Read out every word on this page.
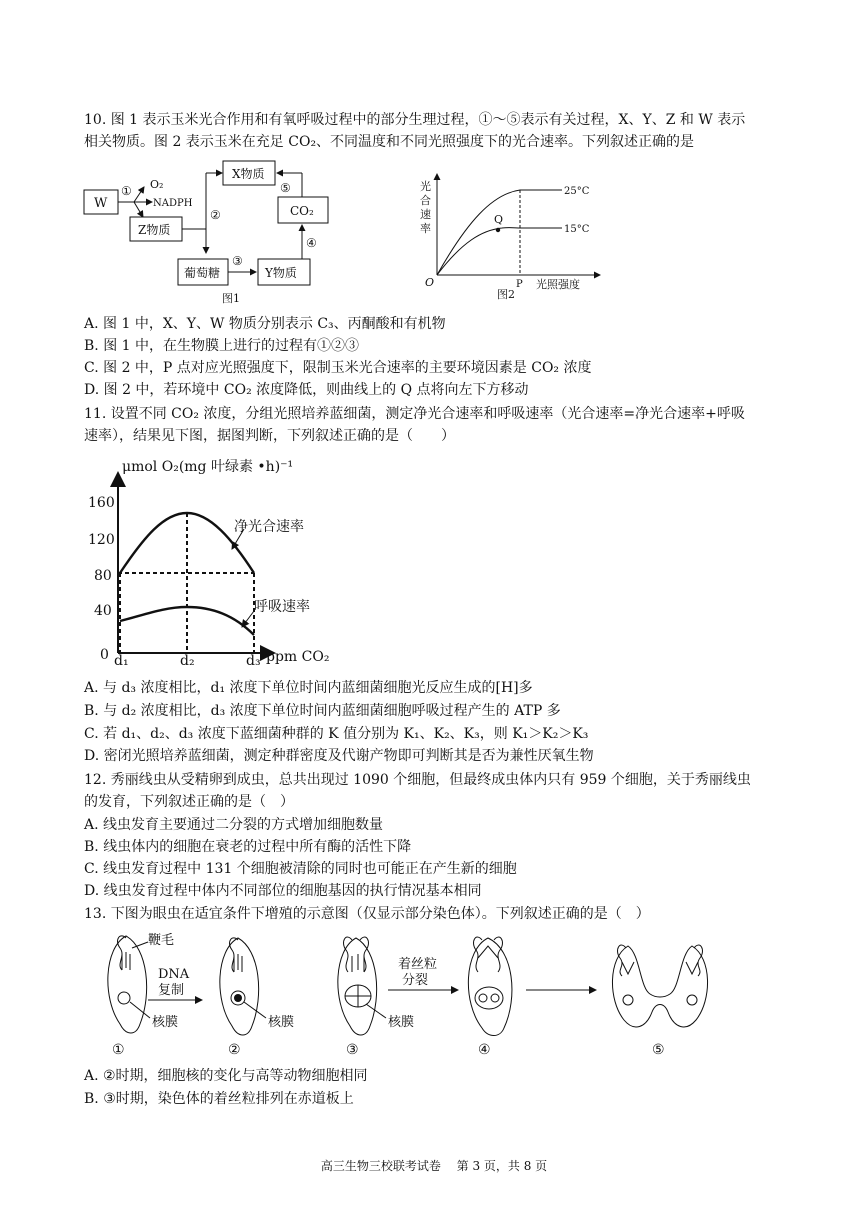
10. 图 1 表示玉米光合作用和有氧呼吸过程中的部分生理过程，①～⑤表示有关过程，X、Y、Z 和 W 表示
相关物质。图 2 表示玉米在充足 CO₂、不同温度和不同光照强度下的光合速率。下列叙述正确的是
W
① O₂
NADPH
Z物质
②
X物质
CO₂
⑤
葡萄糖
③
Y物质
④
图1
光
合
速
率
O
Q
25°C
15°C
P 光照强度
图2
A. 图 1 中，X、Y、W 物质分别表示 C₃、丙酮酸和有机物
B. 图 1 中，在生物膜上进行的过程有①②③
C. 图 2 中，P 点对应光照强度下，限制玉米光合速率的主要环境因素是 CO₂ 浓度
D. 图 2 中，若环境中 CO₂ 浓度降低，则曲线上的 Q 点将向左下方移动
11. 设置不同 CO₂ 浓度，分组光照培养蓝细菌，测定净光合速率和呼吸速率（光合速率=净光合速率+呼吸
速率），结果见下图，据图判断，下列叙述正确的是（　　）
μmol O₂(mg 叶绿素 •h)⁻¹
160
120
80
40
0
净光合速率
呼吸速率
d₁	d₂	d₃ ppm CO₂
A. 与 d₃ 浓度相比，d₁ 浓度下单位时间内蓝细菌细胞光反应生成的[H]多
B. 与 d₂ 浓度相比，d₃ 浓度下单位时间内蓝细菌细胞呼吸过程产生的 ATP 多
C. 若 d₁、d₂、d₃ 浓度下蓝细菌种群的 K 值分别为 K₁、K₂、K₃，则 K₁＞K₂＞K₃
D. 密闭光照培养蓝细菌，测定种群密度及代谢产物即可判断其是否为兼性厌氧生物
12. 秀丽线虫从受精卵到成虫，总共出现过 1090 个细胞，但最终成虫体内只有 959 个细胞，关于秀丽线虫
的发育，下列叙述正确的是（　）
A. 线虫发育主要通过二分裂的方式增加细胞数量
B. 线虫体内的细胞在衰老的过程中所有酶的活性下降
C. 线虫发育过程中 131 个细胞被清除的同时也可能正在产生新的细胞
D. 线虫发育过程中体内不同部位的细胞基因的执行情况基本相同
13. 下图为眼虫在适宜条件下增殖的示意图（仅显示部分染色体）。下列叙述正确的是（　）
鞭毛
DNA
复制
核膜
①
核膜
②
核膜
③
着丝粒
分裂
④	⑤
A. ②时期，细胞核的变化与高等动物细胞相同
B. ③时期，染色体的着丝粒排列在赤道板上
高三生物三校联考试卷　 第 3 页，共 8 页
